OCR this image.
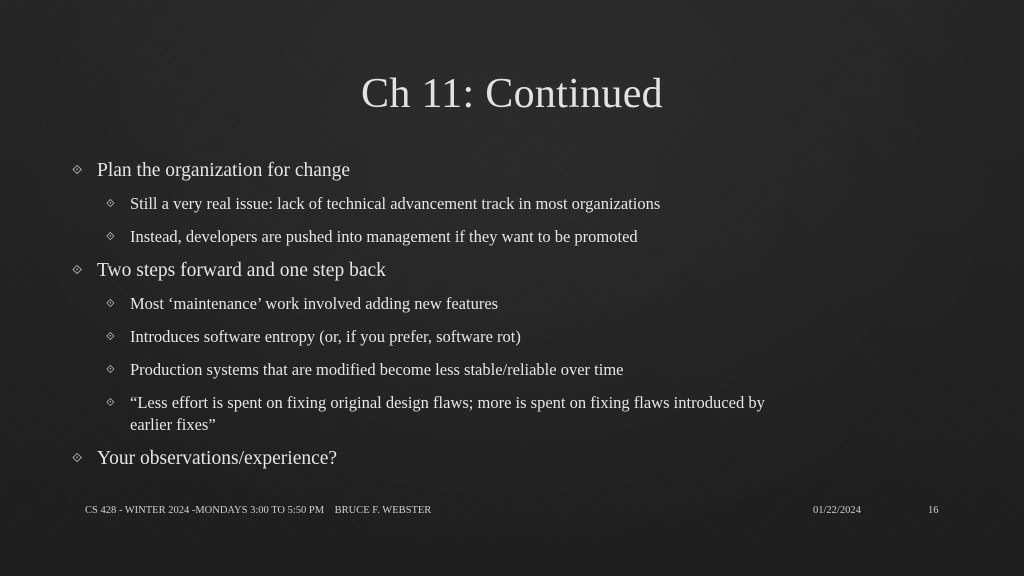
Ch 11: Continued
⟐ Plan the organization for change
⟐ Still a very real issue: lack of technical advancement track in most organizations
⟐ Instead, developers are pushed into management if they want to be promoted
⟐ Two steps forward and one step back
⟐ Most ‘maintenance’ work involved adding new features
⟐ Introduces software entropy (or, if you prefer, software rot)
⟐ Production systems that are modified become less stable/reliable over time
⟐ “Less effort is spent on fixing original design flaws; more is spent on fixing flaws introduced by earlier fixes”
⟐ Your observations/experience?
CS 428 - WINTER 2024 -MONDAYS 3:00 TO 5:50 PM    BRUCE F. WEBSTER	01/22/2024	16
